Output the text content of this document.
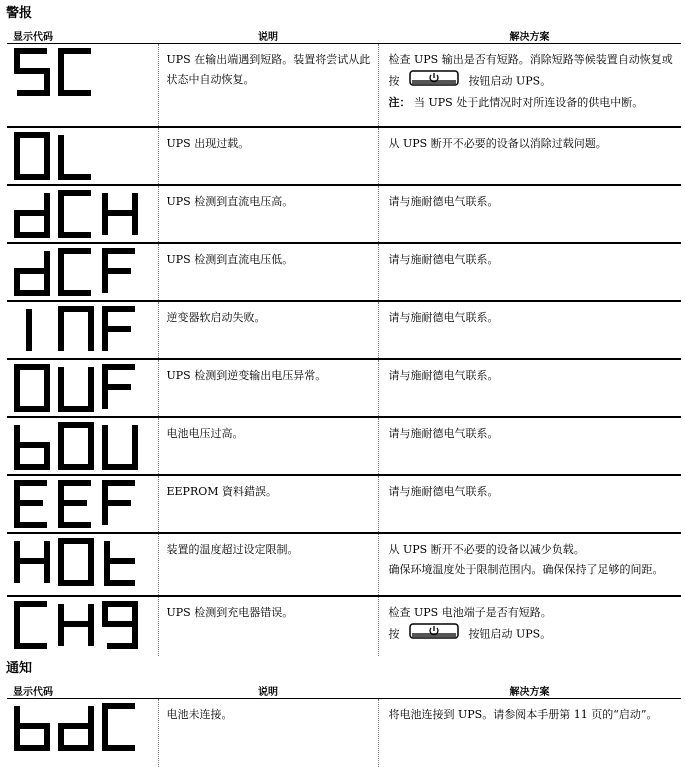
警报
显示代码	说明	解决方案

	UPS 在输出端遇到短路。装置将尝试从此状态中自动恢复。	检查 UPS 输出是否有短路。消除短路等候装置自动恢复或按 按钮启动 UPS。
注： 当 UPS 处于此情况时对所连设备的供电中断。

	UPS 出现过载。	从 UPS 断开不必要的设备以消除过载问题。

	UPS 检测到直流电压高。	请与施耐德电气联系。

	UPS 检测到直流电压低。	请与施耐德电气联系。

	逆变器软启动失败。	请与施耐德电气联系。

	UPS 检测到逆变输出电压异常。	请与施耐德电气联系。

	电池电压过高。	请与施耐德电气联系。

	EEPROM 資料錯誤。	请与施耐德电气联系。

	装置的温度超过设定限制。	从 UPS 断开不必要的设备以减少负载。
确保环境温度处于限制范围内。确保保持了足够的间距。

	UPS 检测到充电器错误。	检查 UPS 电池端子是否有短路。
按 按钮启动 UPS。
通知
显示代码	说明	解决方案

	电池未连接。	将电池连接到 UPS。请参阅本手册第 11 页的“启动”。
